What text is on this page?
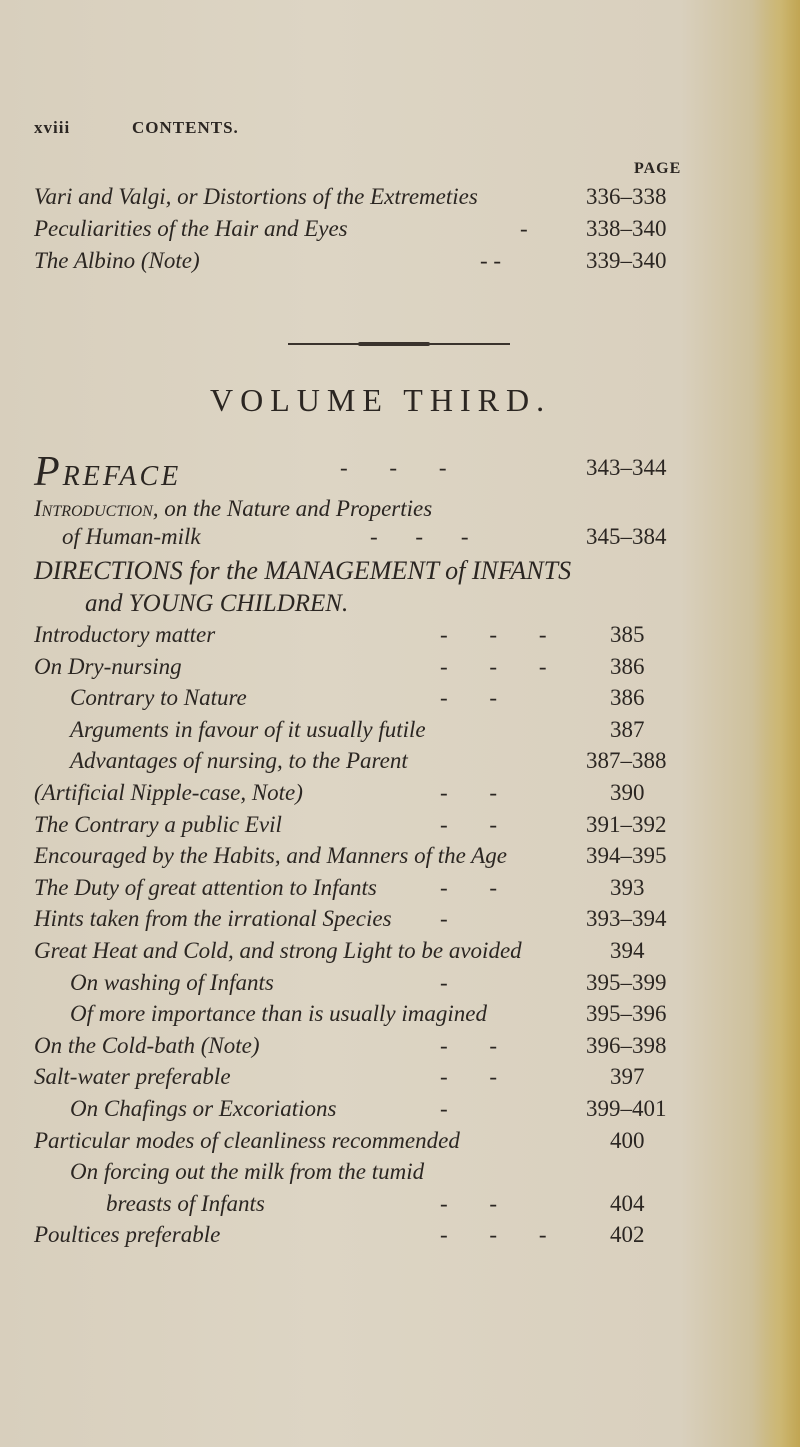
xviii	CONTENTS.
PAGE
Vari and Valgi, or Distortions of the Extremeties	336–338
Peculiarities of the Hair and Eyes	-	338–340
The Albino (Note)	- -	339–340
VOLUME THIRD.
PREFACE	- - -	343–344
Introduction, on the Nature and Properties
of Human-milk	- - -	345–384
DIRECTIONS for the MANAGEMENT of INFANTS
and YOUNG CHILDREN.
Introductory matter	- - - 385
On Dry-nursing	- - - 386
Contrary to Nature	- -	386
Arguments in favour of it usually futile	387
Advantages of nursing, to the Parent	387–388
(Artificial Nipple-case, Note)	- -	390
The Contrary a public Evil	- -	391–392
Encouraged by the Habits, and Manners of the Age	394–395
The Duty of great attention to Infants	- -	393
Hints taken from the irrational Species -	393–394
Great Heat and Cold, and strong Light to be avoided	394
On washing of Infants	-	395–399
Of more importance than is usually imagined	395–396
On the Cold-bath (Note)	- -	396–398
Salt-water preferable	- -	397
On Chafings or Excoriations	-	399–401
Particular modes of cleanliness recommended	400
On forcing out the milk from the tumid
breasts of Infants	- -	404
Poultices preferable	- - - 402
